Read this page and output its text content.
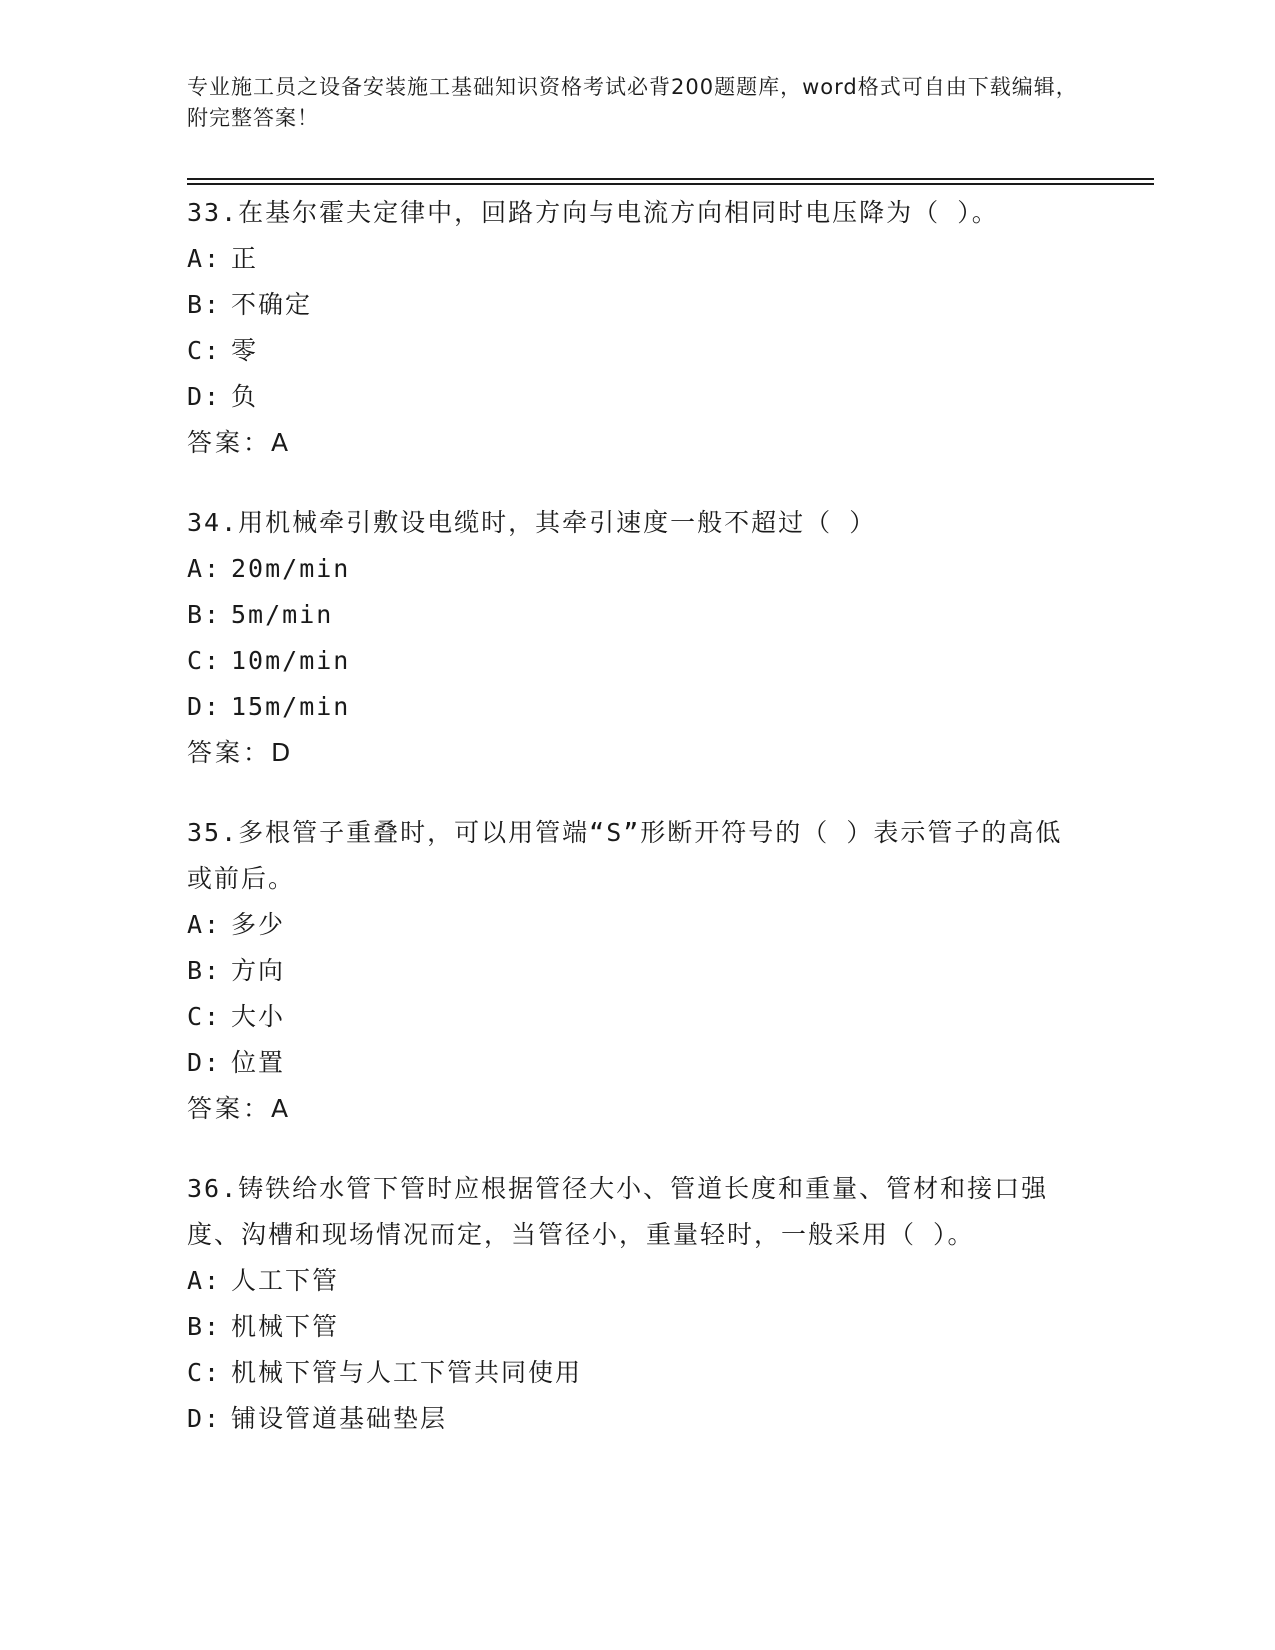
专业施工员之设备安装施工基础知识资格考试必背200题题库，word格式可自由下载编辑，附完整答案！

33.在基尔霍夫定律中，回路方向与电流方向相同时电压降为（ ）。

A: 正

B: 不确定

C: 零

D: 负

答案：A

34.用机械牵引敷设电缆时，其牵引速度一般不超过（ ）

A: 20m/min

B: 5m/min

C: 10m/min

D: 15m/min

答案：D

35.多根管子重叠时，可以用管端“S”形断开符号的（ ）表示管子的高低或前后。

A: 多少

B: 方向

C: 大小

D: 位置

答案：A

36.铸铁给水管下管时应根据管径大小、管道长度和重量、管材和接口强度、沟槽和现场情况而定，当管径小，重量轻时，一般采用（ ）。

A: 人工下管

B: 机械下管

C: 机械下管与人工下管共同使用

D: 铺设管道基础垫层
